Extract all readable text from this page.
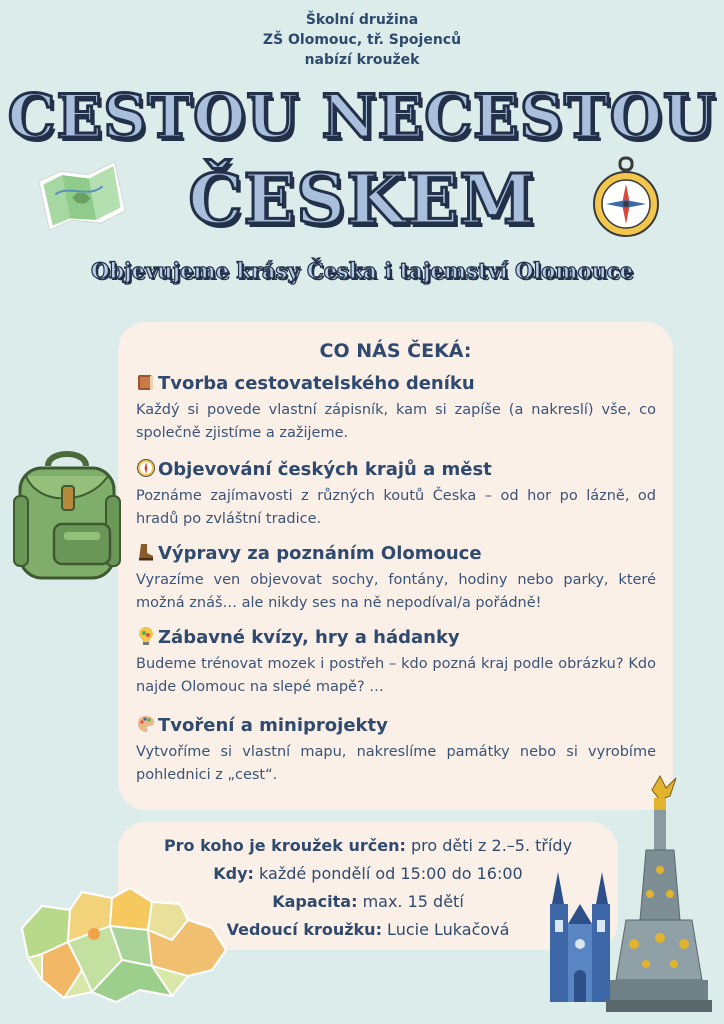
Školní družina
ZŠ Olomouc, tř. Spojenců
nabízí kroužek
CESTOU NECESTOU
ČESKEM
Objevujeme krásy Česka i tajemství Olomouce
CO NÁS ČEKÁ:
Tvorba cestovatelského deníku
Každý si povede vlastní zápisník, kam si zapíše (a nakreslí) vše, co společně zjistíme a zažijeme.
Objevování českých krajů a měst
Poznáme zajímavosti z různých koutů Česka – od hor po lázně, od hradů po zvláštní tradice.
Výpravy za poznáním Olomouce
Vyrazíme ven objevovat sochy, fontány, hodiny nebo parky, které možná znáš… ale nikdy ses na ně nepodíval/a pořádně!
Zábavné kvízy, hry a hádanky
Budeme trénovat mozek i postřeh – kdo pozná kraj podle obrázku? Kdo najde Olomouc na slepé mapě? …
Tvoření a miniprojekty
Vytvoříme si vlastní mapu, nakreslíme památky nebo si vyrobíme pohlednici z „cest“.
Pro koho je kroužek určen: pro děti z 2.–5. třídy
Kdy: každé pondělí od 15:00 do 16:00
Kapacita: max. 15 dětí
Vedoucí kroužku: Lucie Lukačová
